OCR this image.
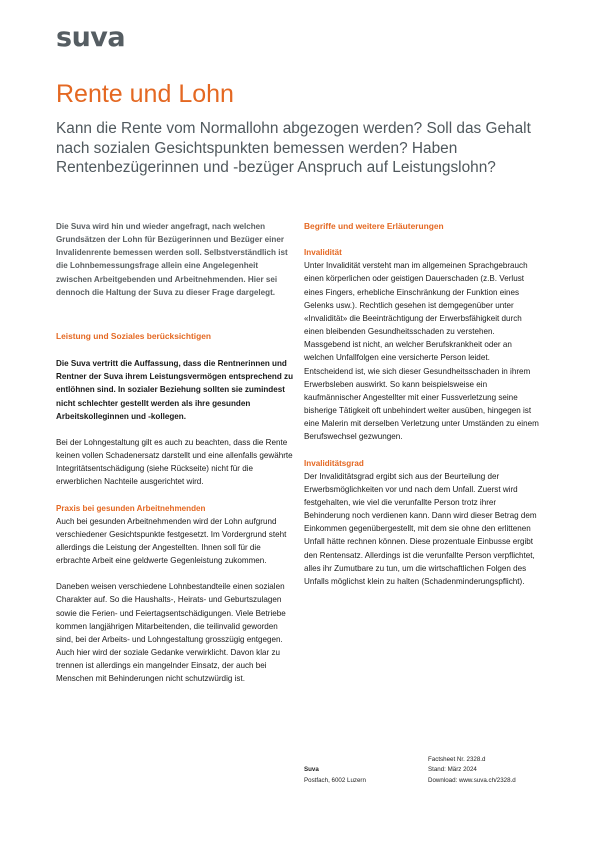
suva
Rente und Lohn
Kann die Rente vom Normallohn abgezogen werden? Soll das Gehalt nach sozialen Gesichtspunkten bemessen werden? Haben Rentenbezügerinnen und -bezüger Anspruch auf Leistungslohn?

Die Suva wird hin und wieder angefragt, nach welchen Grundsätzen der Lohn für Bezügerinnen und Bezüger einer Invalidenrente bemessen werden soll. Selbstverständlich ist die Lohnbemessungsfrage allein eine Angelegenheit zwischen Arbeitgebenden und Arbeitnehmenden. Hier sei dennoch die Haltung der Suva zu dieser Frage dargelegt.

Leistung und Soziales berücksichtigen

Die Suva vertritt die Auffassung, dass die Rentnerinnen und Rentner der Suva ihrem Leistungsvermögen entsprechend zu entlöhnen sind. In sozialer Beziehung sollten sie zumindest nicht schlechter gestellt werden als ihre gesunden Arbeitskolleginnen und -kollegen.

Bei der Lohngestaltung gilt es auch zu beachten, dass die Rente keinen vollen Schadenersatz darstellt und eine allenfalls gewährte Integritätsentschädigung (siehe Rückseite) nicht für die erwerblichen Nachteile ausgerichtet wird.

Praxis bei gesunden Arbeitnehmenden

Auch bei gesunden Arbeitnehmenden wird der Lohn aufgrund verschiedener Gesichtspunkte festgesetzt. Im Vordergrund steht allerdings die Leistung der Angestellten. Ihnen soll für die erbrachte Arbeit eine geldwerte Gegenleistung zukommen.

Daneben weisen verschiedene Lohnbestandteile einen sozialen Charakter auf. So die Haushalts-, Heirats- und Geburtszulagen sowie die Ferien- und Feiertagsentschädigungen. Viele Betriebe kommen langjährigen Mitarbeitenden, die teilinvalid geworden sind, bei der Arbeits- und Lohngestaltung grosszügig entgegen. Auch hier wird der soziale Gedanke verwirklicht. Davon klar zu trennen ist allerdings ein mangelnder Einsatz, der auch bei Menschen mit Behinderungen nicht schutzwürdig ist.

Begriffe und weitere Erläuterungen

Invalidität

Unter Invalidität versteht man im allgemeinen Sprachgebrauch einen körperlichen oder geistigen Dauerschaden (z.B. Verlust eines Fingers, erhebliche Einschränkung der Funktion eines Gelenks usw.). Rechtlich gesehen ist demgegenüber unter «Invalidität» die Beeinträchtigung der Erwerbsfähigkeit durch einen bleibenden Gesundheitsschaden zu verstehen. Massgebend ist nicht, an welcher Berufskrankheit oder an welchen Unfallfolgen eine versicherte Person leidet. Entscheidend ist, wie sich dieser Gesundheitsschaden in ihrem Erwerbsleben auswirkt. So kann beispielsweise ein kaufmännischer Angestellter mit einer Fussverletzung seine bisherige Tätigkeit oft unbehindert weiter ausüben, hingegen ist eine Malerin mit derselben Verletzung unter Umständen zu einem Berufswechsel gezwungen.

Invaliditätsgrad

Der Invaliditätsgrad ergibt sich aus der Beurteilung der Erwerbsmöglichkeiten vor und nach dem Unfall. Zuerst wird festgehalten, wie viel die verunfallte Person trotz ihrer Behinderung noch verdienen kann. Dann wird dieser Betrag dem Einkommen gegenübergestellt, mit dem sie ohne den erlittenen Unfall hätte rechnen können. Diese prozentuale Einbusse ergibt den Rentensatz. Allerdings ist die verunfallte Person verpflichtet, alles ihr Zumutbare zu tun, um die wirtschaftlichen Folgen des Unfalls möglichst klein zu halten (Schadenminderungspflicht).

Suva

Postfach, 6002 Luzern

Factsheet Nr. 2328.d

Stand: März 2024

Download: www.suva.ch/2328.d
